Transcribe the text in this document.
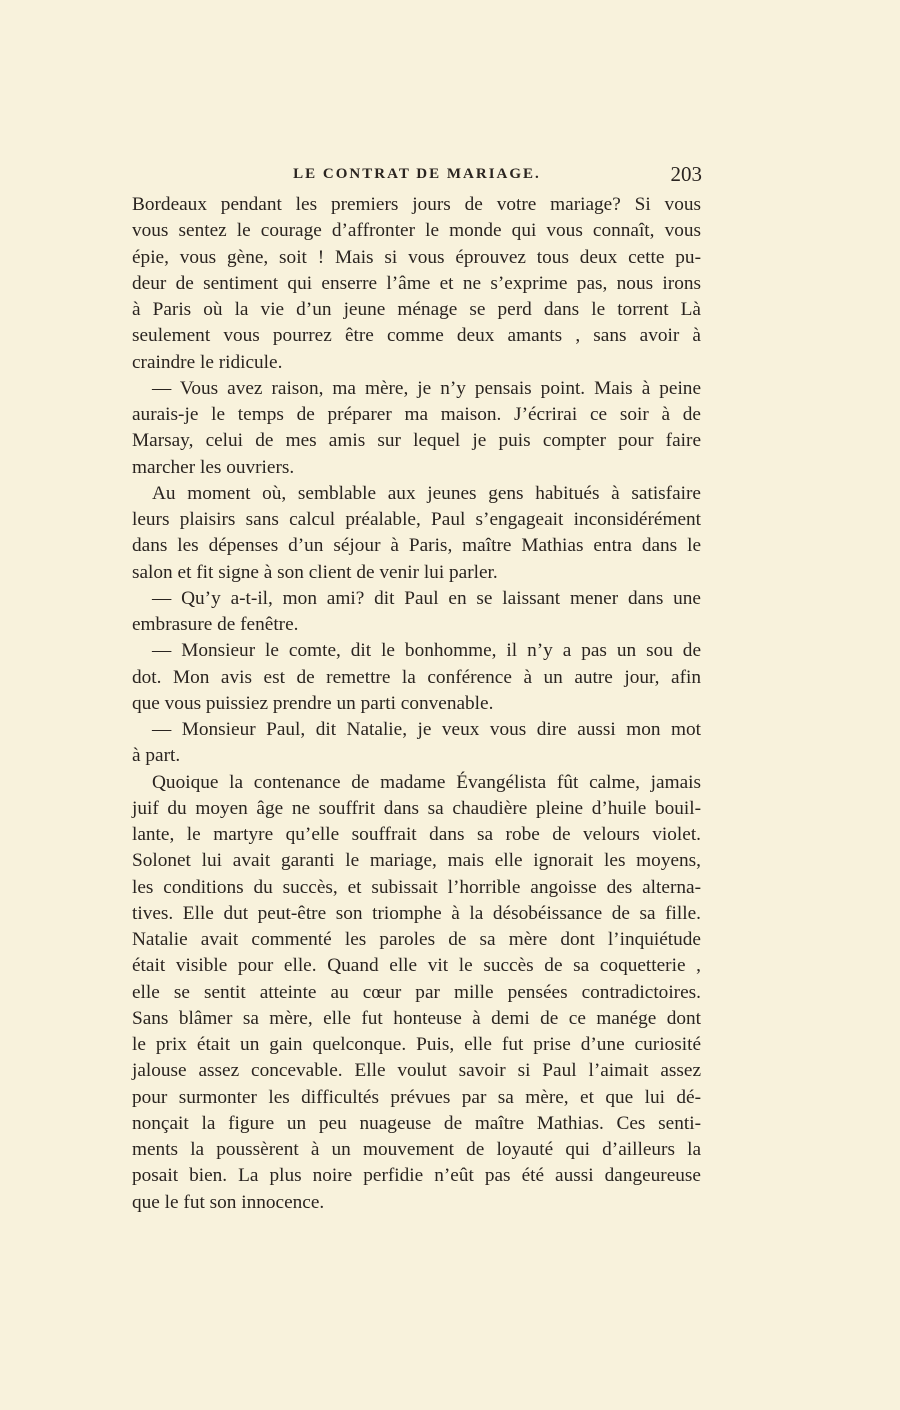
LE CONTRAT DE MARIAGE.	203
Bordeaux pendant les premiers jours de votre mariage? Si vous
vous sentez le courage d’affronter le monde qui vous connaît, vous
épie, vous gène, soit ! Mais si vous éprouvez tous deux cette pu-
deur de sentiment qui enserre l’âme et ne s’exprime pas, nous irons
à Paris où la vie d’un jeune ménage se perd dans le torrent Là
seulement vous pourrez être comme deux amants , sans avoir à
craindre le ridicule.
— Vous avez raison, ma mère, je n’y pensais point. Mais à peine
aurais-je le temps de préparer ma maison. J’écrirai ce soir à de
Marsay, celui de mes amis sur lequel je puis compter pour faire
marcher les ouvriers.
Au moment où, semblable aux jeunes gens habitués à satisfaire
leurs plaisirs sans calcul préalable, Paul s’engageait inconsidérément
dans les dépenses d’un séjour à Paris, maître Mathias entra dans le
salon et fit signe à son client de venir lui parler.
— Qu’y a-t-il, mon ami? dit Paul en se laissant mener dans une
embrasure de fenêtre.
— Monsieur le comte, dit le bonhomme, il n’y a pas un sou de
dot. Mon avis est de remettre la conférence à un autre jour, afin
que vous puissiez prendre un parti convenable.
— Monsieur Paul, dit Natalie, je veux vous dire aussi mon mot
à part.
Quoique la contenance de madame Évangélista fût calme, jamais
juif du moyen âge ne souffrit dans sa chaudière pleine d’huile bouil-
lante, le martyre qu’elle souffrait dans sa robe de velours violet.
Solonet lui avait garanti le mariage, mais elle ignorait les moyens,
les conditions du succès, et subissait l’horrible angoisse des alterna-
tives. Elle dut peut-être son triomphe à la désobéissance de sa fille.
Natalie avait commenté les paroles de sa mère dont l’inquiétude
était visible pour elle. Quand elle vit le succès de sa coquetterie ,
elle se sentit atteinte au cœur par mille pensées contradictoires.
Sans blâmer sa mère, elle fut honteuse à demi de ce manége dont
le prix était un gain quelconque. Puis, elle fut prise d’une curiosité
jalouse assez concevable. Elle voulut savoir si Paul l’aimait assez
pour surmonter les difficultés prévues par sa mère, et que lui dé-
nonçait la figure un peu nuageuse de maître Mathias. Ces senti-
ments la poussèrent à un mouvement de loyauté qui d’ailleurs la
posait bien. La plus noire perfidie n’eût pas été aussi dangeureuse
que le fut son innocence.
